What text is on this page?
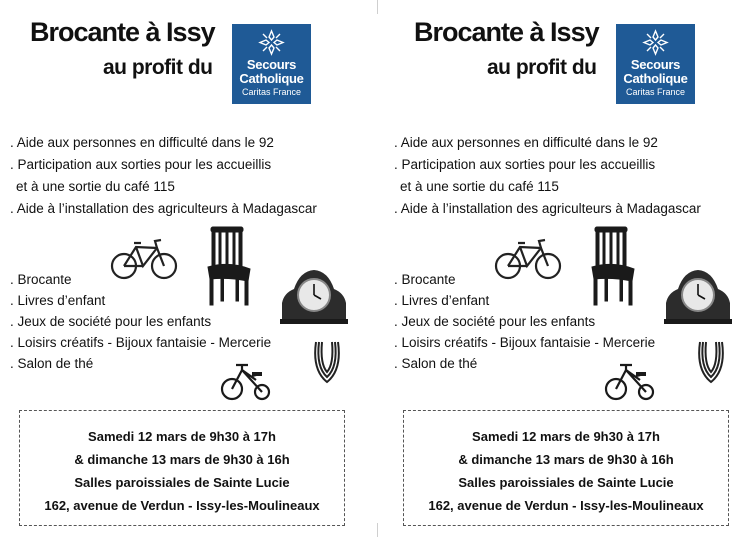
Brocante à Issy
au profit du	Secours
Catholique
Caritas France
. Aide aux personnes en difficulté dans le 92
. Participation aux sorties pour les accueillis
et à une sortie du café 115
. Aide à l’installation des agriculteurs à Madagascar
. Brocante
. Livres d’enfant
. Jeux de société pour les enfants
. Loisirs créatifs - Bijoux fantaisie - Mercerie
. Salon de thé
Samedi 12 mars de 9h30 à 17h
& dimanche 13 mars de 9h30 à 16h
Salles paroissiales de Sainte Lucie
162, avenue de Verdun - Issy-les-Moulineaux
Brocante à Issy
au profit du	Secours
Catholique
Caritas France
. Aide aux personnes en difficulté dans le 92
. Participation aux sorties pour les accueillis
et à une sortie du café 115
. Aide à l’installation des agriculteurs à Madagascar
. Brocante
. Livres d’enfant
. Jeux de société pour les enfants
. Loisirs créatifs - Bijoux fantaisie - Mercerie
. Salon de thé
Samedi 12 mars de 9h30 à 17h
& dimanche 13 mars de 9h30 à 16h
Salles paroissiales de Sainte Lucie
162, avenue de Verdun - Issy-les-Moulineaux
